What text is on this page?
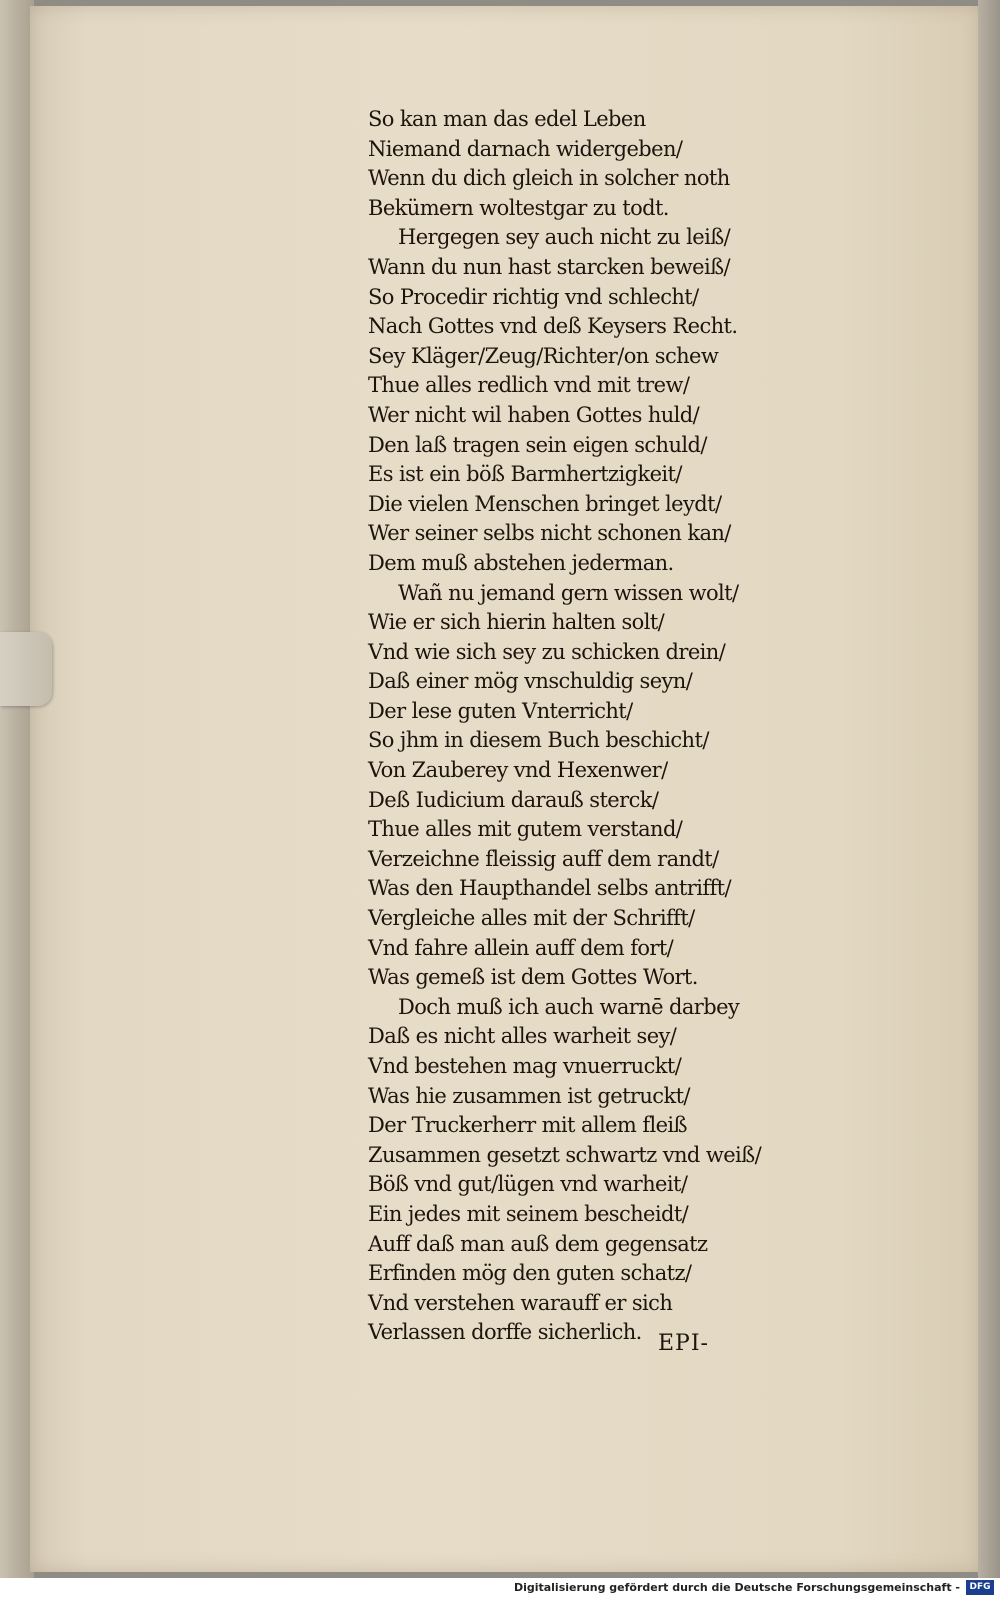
So kan man das edel Leben
Niemand darnach widergeben/
Wenn du dich gleich in solcher noth
Bekümern woltestgar zu todt.
Hergegen sey auch nicht zu leiß/
Wann du nun hast starcken beweiß/
So Procedir richtig vnd schlecht/
Nach Gottes vnd deß Keysers Recht.
Sey Kläger/Zeug/Richter/on schew
Thue alles redlich vnd mit trew/
Wer nicht wil haben Gottes huld/
Den laß tragen sein eigen schuld/
Es ist ein böß Barmhertzigkeit/
Die vielen Menschen bringet leydt/
Wer seiner selbs nicht schonen kan/
Dem muß abstehen jederman.
Wañ nu jemand gern wissen wolt/
Wie er sich hierin halten solt/
Vnd wie sich sey zu schicken drein/
Daß einer mög vnschuldig seyn/
Der lese guten Vnterricht/
So jhm in diesem Buch beschicht/
Von Zauberey vnd Hexenwer/
Deß Iudicium darauß sterck/
Thue alles mit gutem verstand/
Verzeichne fleissig auff dem randt/
Was den Haupthandel selbs antrifft/
Vergleiche alles mit der Schrifft/
Vnd fahre allein auff dem fort/
Was gemeß ist dem Gottes Wort.
Doch muß ich auch warnē darbey
Daß es nicht alles warheit sey/
Vnd bestehen mag vnuerruckt/
Was hie zusammen ist getruckt/
Der Truckerherr mit allem fleiß
Zusammen gesetzt schwartz vnd weiß/
Böß vnd gut/lügen vnd warheit/
Ein jedes mit seinem bescheidt/
Auff daß man auß dem gegensatz
Erfinden mög den guten schatz/
Vnd verstehen warauff er sich
Verlassen dorffe sicherlich. EPI-
Digitalisierung gefördert durch die Deutsche Forschungsgemeinschaft -	DFG
